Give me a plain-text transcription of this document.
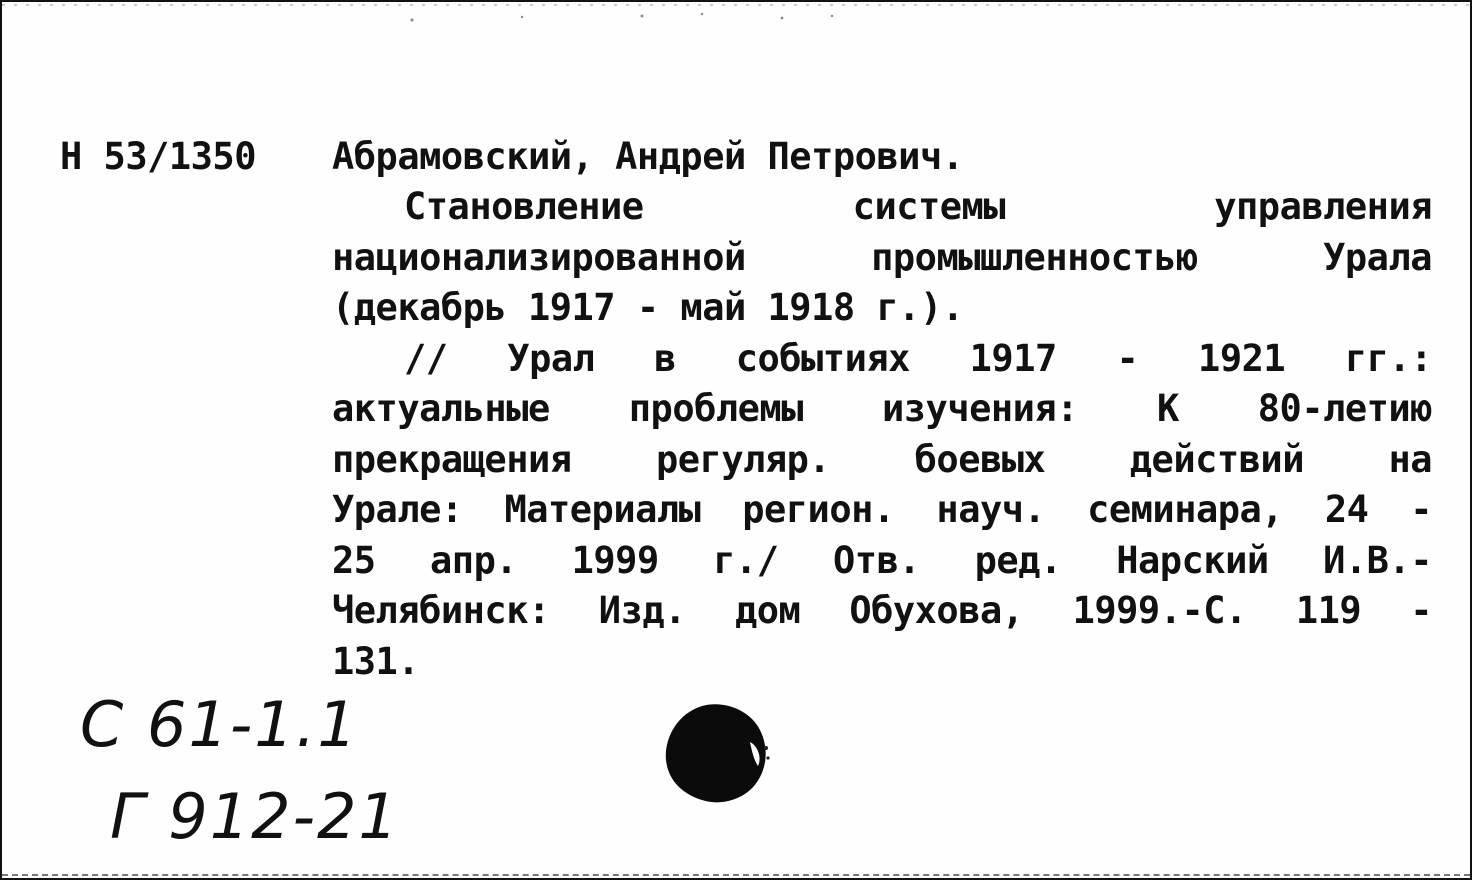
Н 53/1350 Абрамовский, Андрей Петрович.
Становление системы управления
национализированной промышленностью Урала
(декабрь 1917 - май 1918 г.).
// Урал в событиях 1917 - 1921 гг.:
актуальные проблемы изучения: К 80-летию
прекращения регуляр. боевых действий на
Урале: Материалы регион. науч. семинара, 24 -
25 апр. 1999 г./ Отв. ред. Нарский И.В.-
Челябинск: Изд. дом Обухова, 1999.-С. 119 -
131.
С 61-1.1
Г 912-21
